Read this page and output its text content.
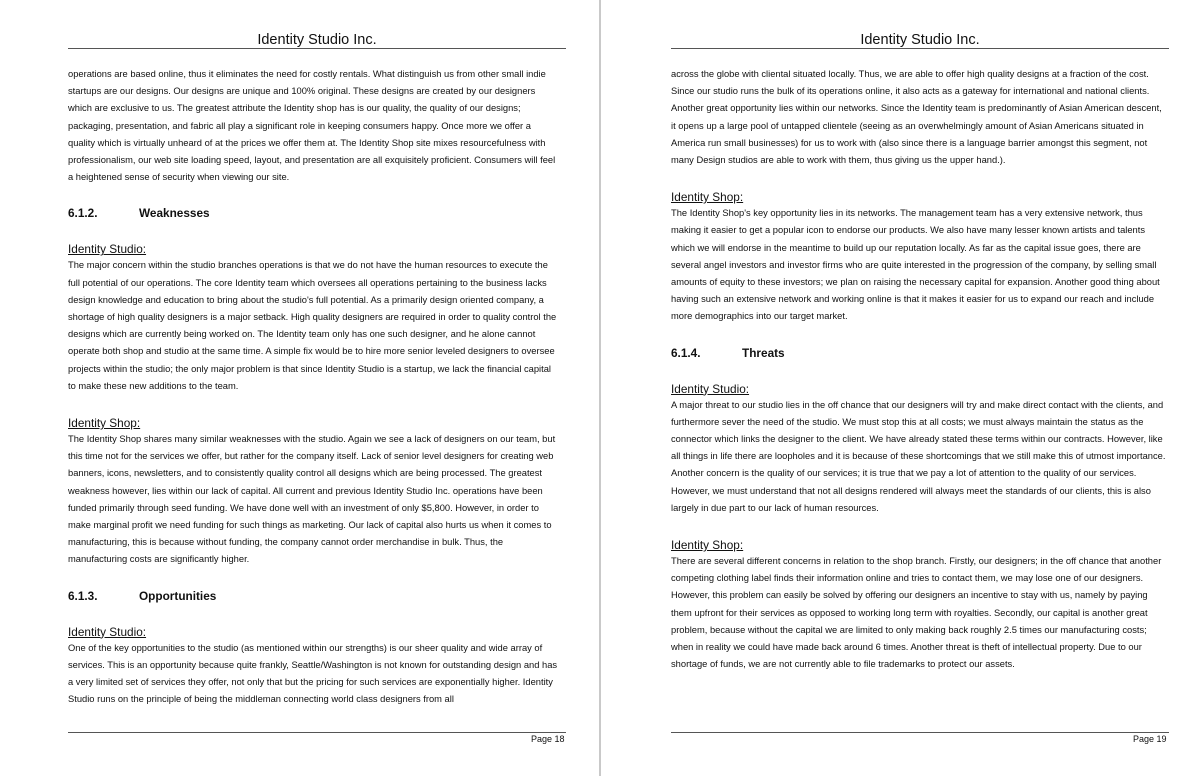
Identity Studio Inc.

operations are based online, thus it eliminates the need for costly rentals. What distinguish us from other small indie startups are our designs. Our designs are unique and 100% original. These designs are created by our designers which are exclusive to us. The greatest attribute the Identity shop has is our quality, the quality of our designs; packaging, presentation, and fabric all play a significant role in keeping consumers happy. Once more we offer a quality which is virtually unheard of at the prices we offer them at. The Identity Shop site mixes resourcefulness with professionalism, our web site loading speed, layout, and presentation are all exquisitely proficient. Consumers will feel a heightened sense of security when viewing our site.

6.1.2.	Weaknesses
Identity Studio:

The major concern within the studio branches operations is that we do not have the human resources to execute the full potential of our operations. The core Identity team which oversees all operations pertaining to the business lacks design knowledge and education to bring about the studio's full potential. As a primarily design oriented company, a shortage of high quality designers is a major setback. High quality designers are required in order to quality control the designs which are currently being worked on. The Identity team only has one such designer, and he alone cannot operate both shop and studio at the same time. A simple fix would be to hire more senior leveled designers to oversee projects within the studio; the only major problem is that since Identity Studio is a startup, we lack the financial capital to make these new additions to the team.

Identity Shop:

The Identity Shop shares many similar weaknesses with the studio. Again we see a lack of designers on our team, but this time not for the services we offer, but rather for the company itself. Lack of senior level designers for creating web banners, icons, newsletters, and to consistently quality control all designs which are being processed. The greatest weakness however, lies within our lack of capital. All current and previous Identity Studio Inc. operations have been funded primarily through seed funding. We have done well with an investment of only $5,800. However, in order to make marginal profit we need funding for such things as marketing. Our lack of capital also hurts us when it comes to manufacturing, this is because without funding, the company cannot order merchandise in bulk. Thus, the manufacturing costs are significantly higher.

6.1.3.	Opportunities
Identity Studio:

One of the key opportunities to the studio (as mentioned within our strengths) is our sheer quality and wide array of services. This is an opportunity because quite frankly, Seattle/Washington is not known for outstanding design and has a very limited set of services they offer, not only that but the pricing for such services are exponentially higher. Identity Studio runs on the principle of being the middleman connecting world class designers from all

Page 18
Identity Studio Inc.

across the globe with cliental situated locally. Thus, we are able to offer high quality designs at a fraction of the cost. Since our studio runs the bulk of its operations online, it also acts as a gateway for international and national clients. Another great opportunity lies within our networks. Since the Identity team is predominantly of Asian American descent, it opens up a large pool of untapped clientele (seeing as an overwhelmingly amount of Asian Americans situated in America run small businesses) for us to work with (also since there is a language barrier amongst this segment, not many Design studios are able to work with them, thus giving us the upper hand.).

Identity Shop:

The Identity Shop's key opportunity lies in its networks. The management team has a very extensive network, thus making it easier to get a popular icon to endorse our products. We also have many lesser known artists and talents which we will endorse in the meantime to build up our reputation locally. As far as the capital issue goes, there are several angel investors and investor firms who are quite interested in the progression of the company, by selling small amounts of equity to these investors; we plan on raising the necessary capital for expansion. Another good thing about having such an extensive network and working online is that it makes it easier for us to expand our reach and include more demographics into our target market.

6.1.4.	Threats
Identity Studio:

A major threat to our studio lies in the off chance that our designers will try and make direct contact with the clients, and furthermore sever the need of the studio. We must stop this at all costs; we must always maintain the status as the connector which links the designer to the client. We have already stated these terms within our contracts. However, like all things in life there are loopholes and it is because of these shortcomings that we still make this of utmost importance. Another concern is the quality of our services; it is true that we pay a lot of attention to the quality of our services. However, we must understand that not all designs rendered will always meet the standards of our clients, this is also largely in due part to our lack of human resources.

Identity Shop:

There are several different concerns in relation to the shop branch. Firstly, our designers; in the off chance that another competing clothing label finds their information online and tries to contact them, we may lose one of our designers. However, this problem can easily be solved by offering our designers an incentive to stay with us, namely by paying them upfront for their services as opposed to working long term with royalties. Secondly, our capital is another great problem, because without the capital we are limited to only making back roughly 2.5 times our manufacturing costs; when in reality we could have made back around 6 times. Another threat is theft of intellectual property. Due to our shortage of funds, we are not currently able to file trademarks to protect our assets.

Page 19
